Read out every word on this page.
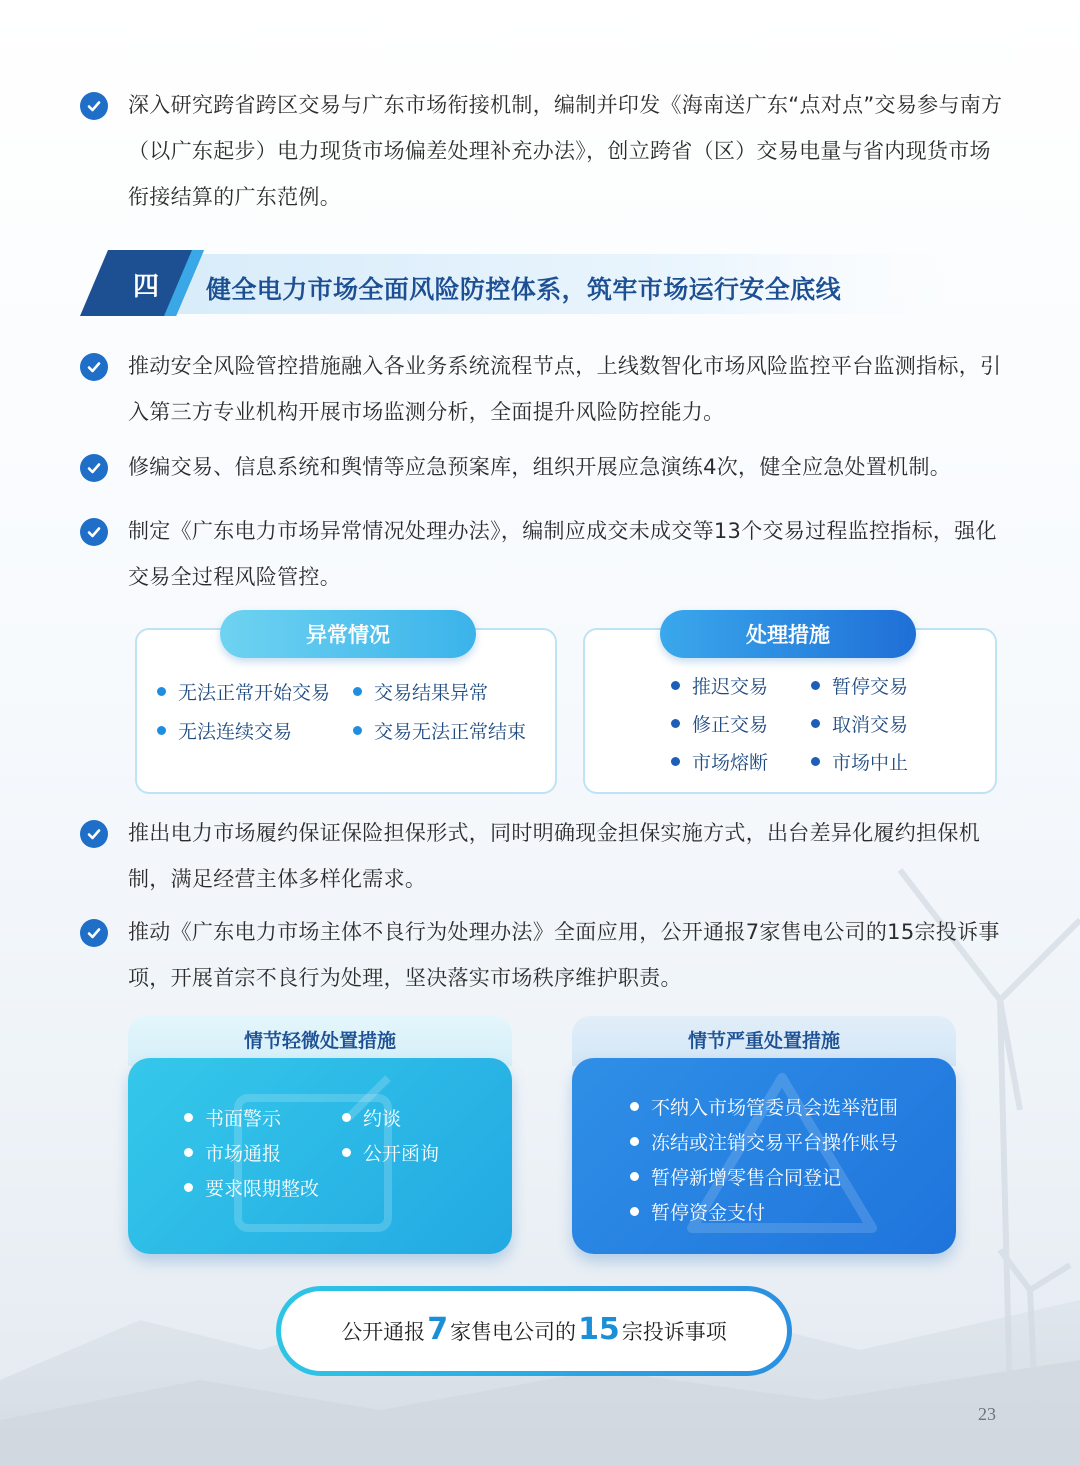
深入研究跨省跨区交易与广东市场衔接机制，编制并印发《海南送广东“点对点”交易参与南方（以广东起步）电力现货市场偏差处理补充办法》，创立跨省（区）交易电量与省内现货市场衔接结算的广东范例。

四 健全电力市场全面风险防控体系，筑牢市场运行安全底线

推动安全风险管控措施融入各业务系统流程节点，上线数智化市场风险监控平台监测指标，引入第三方专业机构开展市场监测分析，全面提升风险防控能力。

修编交易、信息系统和舆情等应急预案库，组织开展应急演练4次，健全应急处置机制。

制定《广东电力市场异常情况处理办法》，编制应成交未成交等13个交易过程监控指标，强化交易全过程风险管控。

无法正常开始交易	交易结果异常
无法连续交易	交易无法正常结束
异常情况
推迟交易	暂停交易
修正交易	取消交易
市场熔断	市场中止
处理措施

推出电力市场履约保证保险担保形式，同时明确现金担保实施方式，出台差异化履约担保机制，满足经营主体多样化需求。

推动《广东电力市场主体不良行为处理办法》全面应用，公开通报7家售电公司的15宗投诉事项，开展首宗不良行为处理，坚决落实市场秩序维护职责。

情节轻微处置措施
书面警示	约谈
市场通报	公开函询
要求限期整改
情节严重处置措施
不纳入市场管委员会选举范围
冻结或注销交易平台操作账号
暂停新增零售合同登记
暂停资金支付
公开通报 7 家售电公司的 15 宗投诉事项
23
